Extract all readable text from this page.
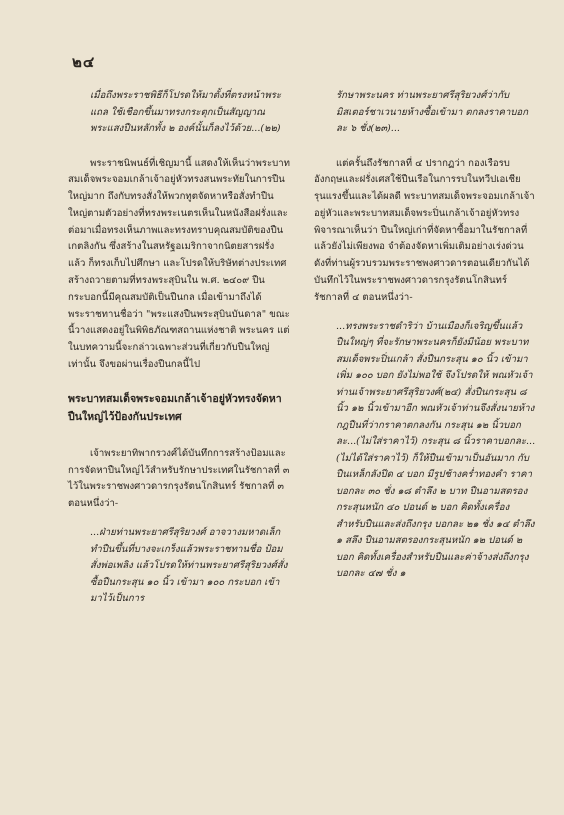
๒๔

เมื่อถึงพระราชพิธีก็โปรดให้มาตั้งที่ตรงหน้าพระแถล ใช้เชือกขึ้นมาทรงกระตุกเป็นสัญญาณ พระแสงปืนหลักทั้ง ๒ องค์นั้นก็ลงไว้ด้วย...(๒๒)

พระราชนิพนธ์ที่เชิญมานี้ แสดงให้เห็นว่าพระบาทสมเด็จพระจอมเกล้าเจ้าอยู่หัวทรงสนพระทัยในการปืนใหญ่มาก ถึงกับทรงสั่งให้พวกทูตจัดหาหรือสั่งทำปืนใหญ่ตามตัวอย่างที่ทรงพระเนตรเห็นในหนังสือฝรั่งและต่อมาเมื่อทรงเห็นภาพและทรงทราบคุณสมบัติของปืนเกตลิงกัน ซึ่งสร้างในสหรัฐอเมริกาจากนิตยสารฝรั่งแล้ว ก็ทรงเก็บไปศึกษา และโปรดให้บริษัทต่างประเทศสร้างถวายตามที่ทรงพระสุบินใน พ.ศ. ๒๔๐๙ ปืนกระบอกนี้มีคุณสมบัติเป็นปืนกล เมื่อเข้ามาถึงได้พระราชทานชื่อว่า "พระแสงปืนพระสุบินบันดาล" ขณะนี้วางแสดงอยู่ในพิพิธภัณฑสถานแห่งชาติ พระนคร แต่ในบทความนี้จะกล่าวเฉพาะส่วนที่เกี่ยวกับปืนใหญ่เท่านั้น จึงขอผ่านเรื่องปืนกลนี้ไป

พระบาทสมเด็จพระจอมเกล้าเจ้าอยู่หัวทรงจัดหาปืนใหญ่ไว้ป้องกันประเทศ

เจ้าพระยาทิพากรวงศ์ได้บันทึกการสร้างป้อมและการจัดหาปืนใหญ่ไว้สำหรับรักษาประเทศในรัชกาลที่ ๓ ไว้ในพระราชพงศาวดารกรุงรัตนโกสินทร์ รัชกาลที่ ๓ ตอนหนึ่งว่า-

...ฝ่ายท่านพระยาศรีสุริยวงศ์ อาจวางมหาดเล็ก ทำปืนขึ้นที่บางจะเกร็งแล้วพระราชทานชื่อ ป้อมสั่งพ่อเพลิง แล้วโปรดให้ท่านพระยาศรีสุริยวงศ์สั่งซื้อปืนกระสุน ๑๐ นิ้ว เข้ามา ๑๐๐ กระบอก เข้ามาไว้เป็นการ

รักษาพระนคร ท่านพระยาศรีสุริยวงศ์ว่ากับมิสเตอร์ชาเวนายห้างซื้อเข้ามา ตกลงราคาบอกละ ๖ ชั่ง(๒๓)...

แต่ครั้นถึงรัชกาลที่ ๔ ปรากฏว่า กองเรือรบอังกฤษและฝรั่งเศสใช้ปืนเรือในการรบในทวีปเอเชียรุนแรงขึ้นและได้ผลดี พระบาทสมเด็จพระจอมเกล้าเจ้าอยู่หัวและพระบาทสมเด็จพระปิ่นเกล้าเจ้าอยู่หัวทรงพิจารณาเห็นว่า ปืนใหญ่เก่าที่จัดหาซื้อมาในรัชกาลที่แล้วยังไม่เพียงพอ จำต้องจัดหาเพิ่มเติมอย่างเร่งด่วน ดังที่ท่านผู้รวบรวมพระราชพงศาวดารตอนเดียวกันได้บันทึกไว้ในพระราชพงศาวดารกรุงรัตนโกสินทร์ รัชกาลที่ ๔ ตอนหนึ่งว่า-

...ทรงพระราชดำริว่า บ้านเมืองก็เจริญขึ้นแล้ว ปืนใหญ่ๆ ที่จะรักษาพระนครก็ยังมีน้อย พระบาทสมเด็จพระปิ่นเกล้า สั่งปืนกระสุน ๑๐ นิ้ว เข้ามาเพิ่ม ๑๐๐ บอก ยังไม่พอใช้ จึงโปรดให้ พณหัวเจ้าท่านเจ้าพระยาศรีสุริยวงศ์(๒๔) สั่งปืนกระสุน ๘ นิ้ว ๑๒ นิ้วเข้ามาอีก พณหัวเจ้าท่านจึงสั่งนายห้างกฎปืนที่ว่ากราคาตกลงกัน กระสุน ๑๒ นิ้วบอกละ...(ไม่ใส่ราคาไว้) กระสุน ๘ นิ้วราคาบอกละ...(ไม่ได้ใส่ราคาไว้) ก็ให้ปืนเข้ามาเป็นอันมาก กับปืนเหล็กลังปีด ๔ บอก มีรูปช้างคร่ำทองคำ ราคาบอกละ ๓๐ ชั่ง ๑๘ ตำลึง ๒ บาท ปืนอามสตรองกระสุนหนัก ๔๐ ปอนด์ ๒ บอก คิดทั้งเครื่องสำหรับปืนและส่งถึงกรุง บอกละ ๒๑ ชั่ง ๑๔ ตำลึง ๑ สลึง ปืนอามสตรองกระสุนหนัก ๑๒ ปอนด์ ๒ บอก คิดทั้งเครื่องสำหรับปืนและค่าจ้างส่งถึงกรุง บอกละ ๔๗ ชั่ง ๑
